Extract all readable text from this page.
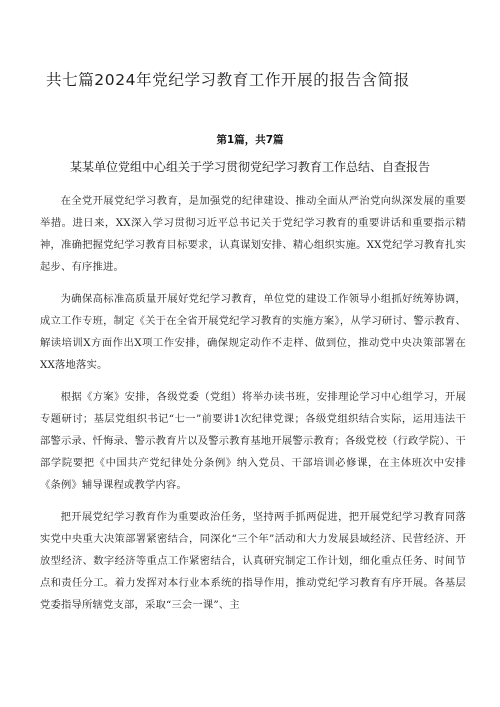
共七篇2024年党纪学习教育工作开展的报告含简报
第1篇，共7篇
某某单位党组中心组关于学习贯彻党纪学习教育工作总结、自查报告

在全党开展党纪学习教育，是加强党的纪律建设、推动全面从严治党向纵深发展的重要举措。进日来，XX深入学习贯彻习近平总书记关于党纪学习教育的重要讲话和重要指示精神，准确把握党纪学习教育目标要求，认真谋划安排、精心组织实施。XX党纪学习教育扎实起步、有序推进。

为确保高标准高质量开展好党纪学习教育，单位党的建设工作领导小组抓好统筹协调，成立工作专班，制定《关于在全省开展党纪学习教育的实施方案》，从学习研讨、警示教育、解读培训X方面作出X项工作安排，确保规定动作不走样、做到位，推动党中央决策部署在XX落地落实。

根据《方案》安排，各级党委（党组）将举办读书班，安排理论学习中心组学习，开展专题研讨；基层党组织书记“七一”前要讲1次纪律党课；各级党组织结合实际，运用违法干部警示录、忏悔录、警示教育片以及警示教育基地开展警示教育；各级党校（行政学院）、干部学院要把《中国共产党纪律处分条例》纳入党员、干部培训必修课，在主体班次中安排《条例》辅导课程或教学内容。

把开展党纪学习教育作为重要政治任务，坚持两手抓两促进，把开展党纪学习教育同落实党中央重大决策部署紧密结合，同深化“三个年”活动和大力发展县域经济、民营经济、开放型经济、数字经济等重点工作紧密结合，认真研究制定工作计划，细化重点任务、时间节点和责任分工。着力发挥对本行业本系统的指导作用，推动党纪学习教育有序开展。各基层党委指导所辖党支部，采取“三会一课”、主
